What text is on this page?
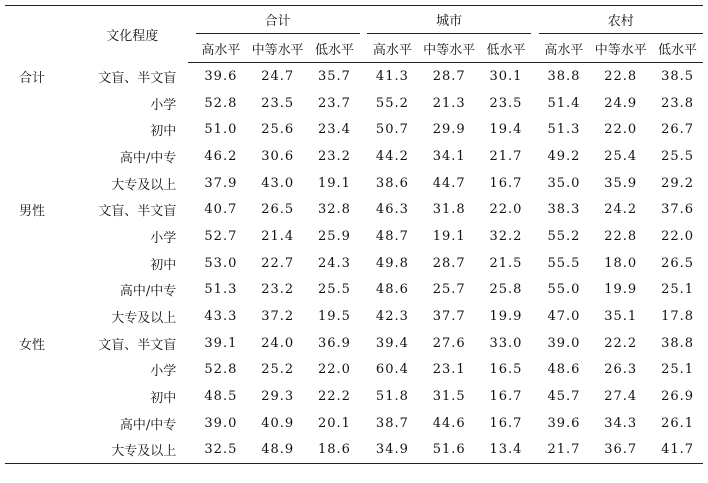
	文化程度		合计				城市				农村		
			高水平	中等水平	低水平		高水平	中等水平	低水平		高水平	中等水平	低水平
合计	文盲、半文盲		39.6	24.7	35.7		41.3	28.7	30.1		38.8	22.8	38.5
	小学		52.8	23.5	23.7		55.2	21.3	23.5		51.4	24.9	23.8
	初中		51.0	25.6	23.4		50.7	29.9	19.4		51.3	22.0	26.7
	高中/中专		46.2	30.6	23.2		44.2	34.1	21.7		49.2	25.4	25.5
	大专及以上		37.9	43.0	19.1		38.6	44.7	16.7		35.0	35.9	29.2
男性	文盲、半文盲		40.7	26.5	32.8		46.3	31.8	22.0		38.3	24.2	37.6
	小学		52.7	21.4	25.9		48.7	19.1	32.2		55.2	22.8	22.0
	初中		53.0	22.7	24.3		49.8	28.7	21.5		55.5	18.0	26.5
	高中/中专		51.3	23.2	25.5		48.6	25.7	25.8		55.0	19.9	25.1
	大专及以上		43.3	37.2	19.5		42.3	37.7	19.9		47.0	35.1	17.8
女性	文盲、半文盲		39.1	24.0	36.9		39.4	27.6	33.0		39.0	22.2	38.8
	小学		52.8	25.2	22.0		60.4	23.1	16.5		48.6	26.3	25.1
	初中		48.5	29.3	22.2		51.8	31.5	16.7		45.7	27.4	26.9
	高中/中专		39.0	40.9	20.1		38.7	44.6	16.7		39.6	34.3	26.1
	大专及以上		32.5	48.9	18.6		34.9	51.6	13.4		21.7	36.7	41.7
